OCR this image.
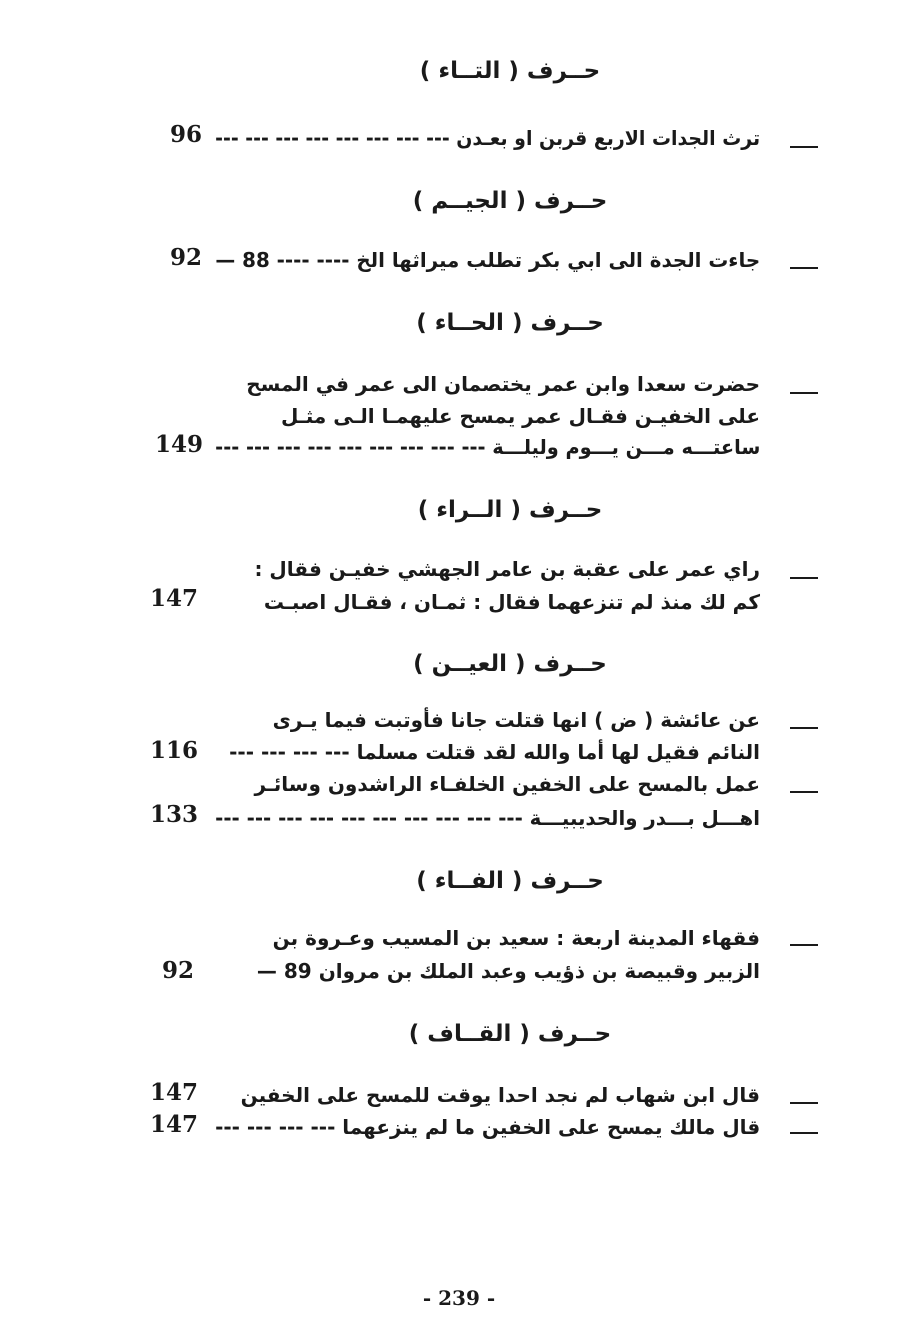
حــرف ( التــاء )
ترث الجدات الاربع قربن او بعـدن --- --- --- --- --- --- --- ---
96
حــرف ( الجيــم )
جاءت الجدة الى ابي بكر تطلب ميراثها الخ ---- ---- 88 —
92
حــرف ( الحــاء )
حضرت سعدا وابن عمر يختصمان الى عمر في المسح
على الخفيـن فقـال عمر يمسح عليهمـا الـى مثـل
ساعتـــه مـــن يـــوم وليلـــة --- --- --- --- --- --- --- --- ---
149
حــرف ( الــراء )
راي عمر على عقبة بن عامر الجهشي خفيـن فقال :
كم لك منذ لم تنزعهما فقال : ثمـان ، فقـال اصبـت
147
حــرف ( العيــن )
عن عائشة ( ض ) انها قتلت جانا فأوتبت فيما يـرى
النائم فقيل لها أما والله لقد قتلت مسلما --- --- --- ---
116
عمل بالمسح على الخفين الخلفـاء الراشدون وسائـر
اهـــل بـــدر والحديبيـــة --- --- --- --- --- --- --- --- --- ---
133
حــرف ( الفــاء )
فقهاء المدينة اربعة : سعيد بن المسيب وعـروة بن
الزبير وقبيصة بن ذؤيب وعبد الملك بن مروان 89 —
92
حــرف ( القــاف )
قال ابن شهاب لم نجد احدا يوقت للمسح على الخفين
147
قال مالك يمسح على الخفين ما لم ينزعهما --- --- --- ---
147
- 239 -
